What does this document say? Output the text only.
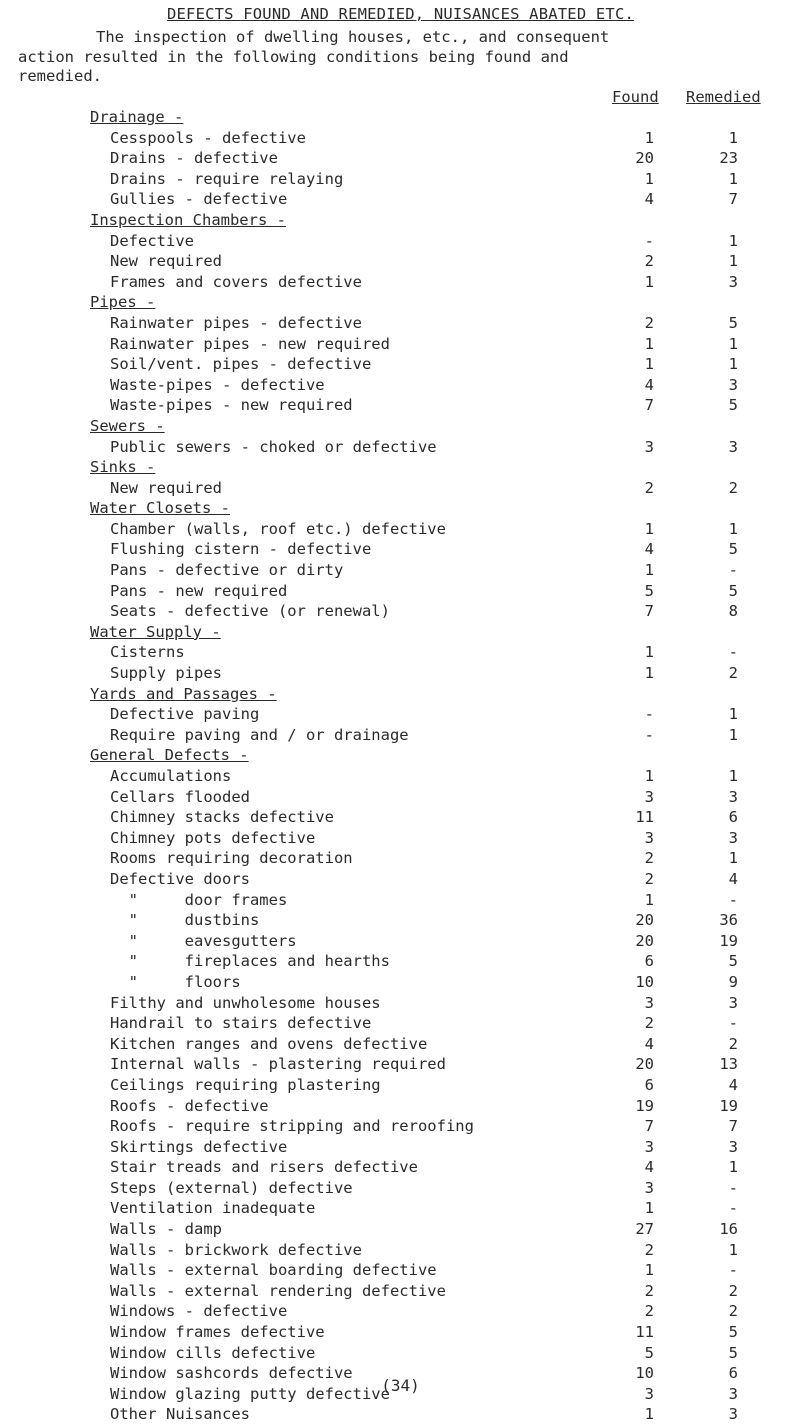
DEFECTS FOUND AND REMEDIED, NUISANCES ABATED ETC.
The inspection of dwelling houses, etc., and consequent
action resulted in the following conditions being found and
remedied.
Found Remedied
Drainage -
Cesspools - defective	1	1
Drains - defective	20	23
Drains - require relaying	1	1
Gullies - defective	4	7
Inspection Chambers -
Defective	-	1
New required	2	1
Frames and covers defective	1	3
Pipes -
Rainwater pipes - defective	2	5
Rainwater pipes - new required	1	1
Soil/vent. pipes - defective	1	1
Waste-pipes - defective	4	3
Waste-pipes - new required	7	5
Sewers -
Public sewers - choked or defective	3	3
Sinks -
New required	2	2
Water Closets -
Chamber (walls, roof etc.) defective	1	1
Flushing cistern - defective	4	5
Pans - defective or dirty	1	-
Pans - new required	5	5
Seats - defective (or renewal)	7	8
Water Supply -
Cisterns	1	-
Supply pipes	1	2
Yards and Passages -
Defective paving	-	1
Require paving and / or drainage	-	1
General Defects -
Accumulations	1	1
Cellars flooded	3	3
Chimney stacks defective	11	6
Chimney pots defective	3	3
Rooms requiring decoration	2	1
Defective doors	2	4
"     door frames	1	-
"     dustbins	20	36
"     eavesgutters	20	19
"     fireplaces and hearths	6	5
"     floors	10	9
Filthy and unwholesome houses	3	3
Handrail to stairs defective	2	-
Kitchen ranges and ovens defective	4	2
Internal walls - plastering required	20	13
Ceilings requiring plastering	6	4
Roofs - defective	19	19
Roofs - require stripping and reroofing	7	7
Skirtings defective	3	3
Stair treads and risers defective	4	1
Steps (external) defective	3	-
Ventilation inadequate	1	-
Walls - damp	27	16
Walls - brickwork defective	2	1
Walls - external boarding defective	1	-
Walls - external rendering defective	2	2
Windows - defective	2	2
Window frames defective	11	5
Window cills defective	5	5
Window sashcords defective	10	6
Window glazing putty defective	3	3
Other Nuisances	1	3
(34)
